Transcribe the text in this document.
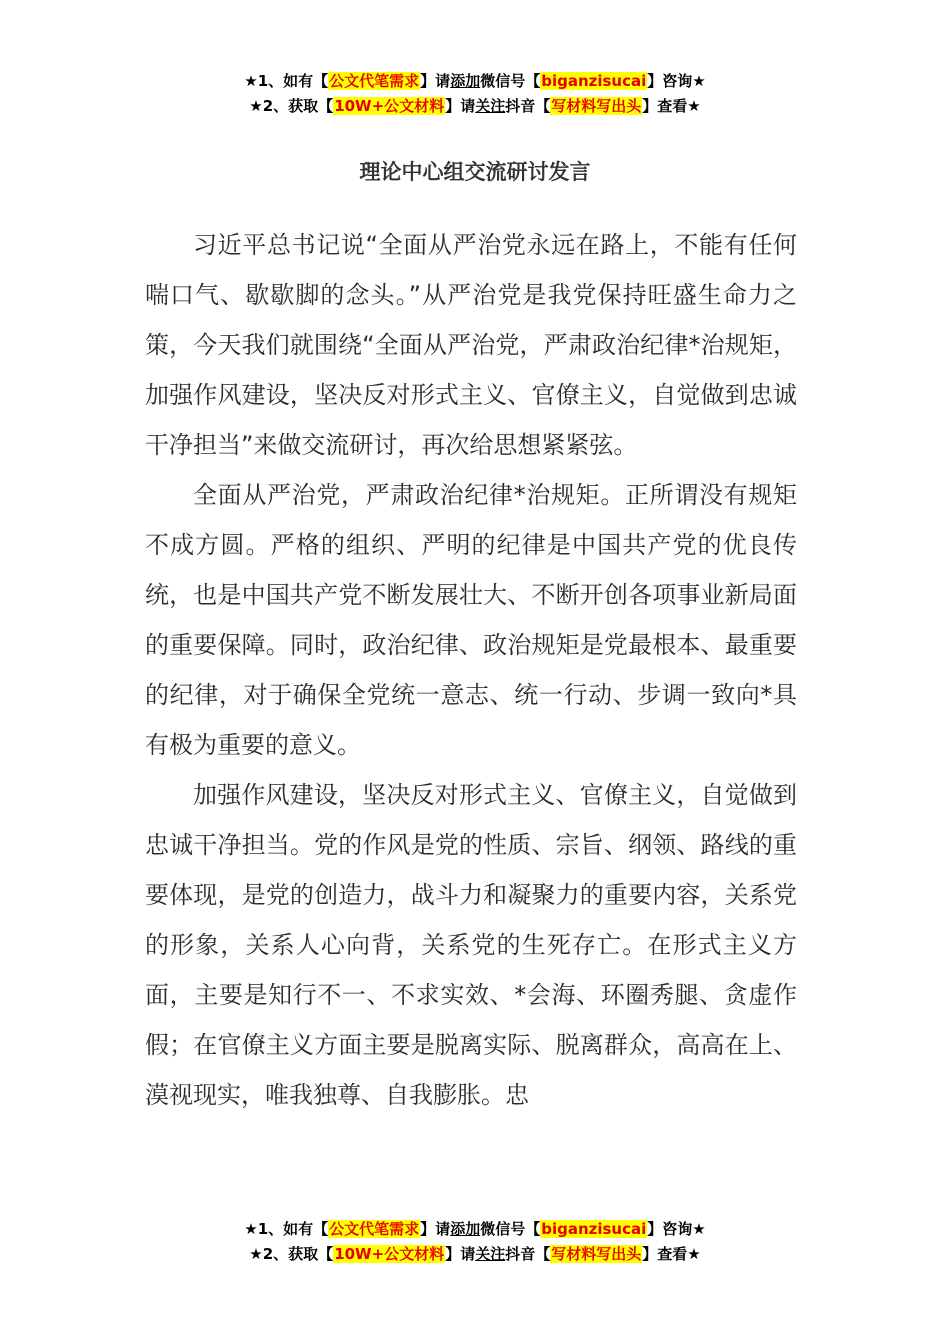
★1、如有【公文代笔需求】请添加微信号【biganzisucai】咨询★
★2、获取【10W+公文材料】请关注抖音【写材料写出头】查看★
理论中心组交流研讨发言

习近平总书记说“全面从严治党永远在路上，不能有任何喘口气、歇歇脚的念头。”从严治党是我党保持旺盛生命力之策，今天我们就围绕“全面从严治党，严肃政治纪律*治规矩，加强作风建设，坚决反对形式主义、官僚主义，自觉做到忠诚干净担当”来做交流研讨，再次给思想紧紧弦。

全面从严治党，严肃政治纪律*治规矩。正所谓没有规矩不成方圆。严格的组织、严明的纪律是中国共产党的优良传统，也是中国共产党不断发展壮大、不断开创各项事业新局面的重要保障。同时，政治纪律、政治规矩是党最根本、最重要的纪律，对于确保全党统一意志、统一行动、步调一致向*具有极为重要的意义。

加强作风建设，坚决反对形式主义、官僚主义，自觉做到忠诚干净担当。党的作风是党的性质、宗旨、纲领、路线的重要体现，是党的创造力，战斗力和凝聚力的重要内容，关系党的形象，关系人心向背，关系党的生死存亡。在形式主义方面，主要是知行不一、不求实效、*会海、环圈秀腿、贪虚作假；在官僚主义方面主要是脱离实际、脱离群众，高高在上、漠视现实，唯我独尊、自我膨胀。忠

★1、如有【公文代笔需求】请添加微信号【biganzisucai】咨询★
★2、获取【10W+公文材料】请关注抖音【写材料写出头】查看★
